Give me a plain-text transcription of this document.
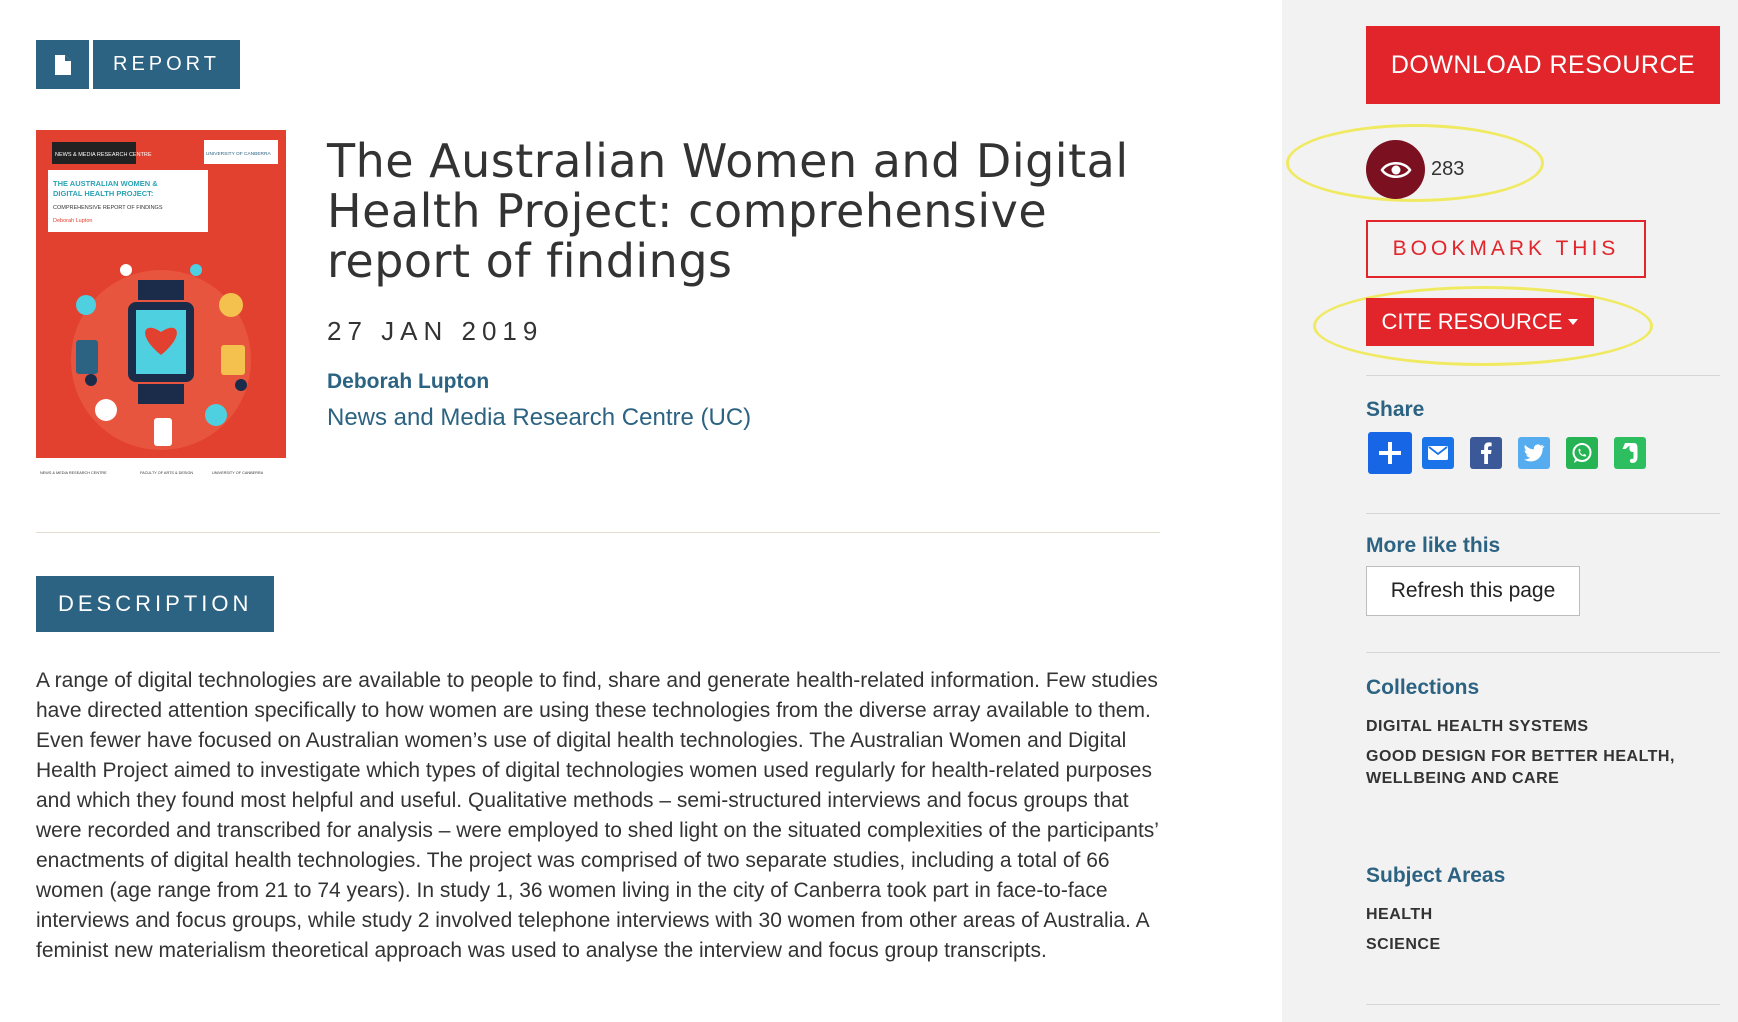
REPORT
NEWS & MEDIA RESEARCH CENTRE	UNIVERSITY OF CANBERRA
THE AUSTRALIAN WOMEN &
DIGITAL HEALTH PROJECT:
COMPREHENSIVE REPORT OF FINDINGS
Deborah Lupton
NEWS & MEDIA RESEARCH CENTRE	FACULTY OF ARTS & DESIGN	UNIVERSITY OF CANBERRA
The Australian Women and Digital Health Project: comprehensive report of findings
27 JAN 2019
Deborah Lupton
News and Media Research Centre (UC)
DESCRIPTION

A range of digital technologies are available to people to find, share and generate health-related information. Few studies have directed attention specifically to how women are using these technologies from the diverse array available to them. Even fewer have focused on Australian women’s use of digital health technologies. The Australian Women and Digital Health Project aimed to investigate which types of digital technologies women used regularly for health-related purposes and which they found most helpful and useful. Qualitative methods – semi-structured interviews and focus groups that were recorded and transcribed for analysis – were employed to shed light on the situated complexities of the participants’ enactments of digital health technologies. The project was comprised of two separate studies, including a total of 66 women (age range from 21 to 74 years). In study 1, 36 women living in the city of Canberra took part in face-to-face interviews and focus groups, while study 2 involved telephone interviews with 30 women from other areas of Australia. A feminist new materialism theoretical approach was used to analyse the interview and focus group transcripts.

DOWNLOAD RESOURCE
283
BOOKMARK THIS
CITE RESOURCE
Share
More like this
Refresh this page
Collections
DIGITAL HEALTH SYSTEMS
GOOD DESIGN FOR BETTER HEALTH, WELLBEING AND CARE
Subject Areas
HEALTH
SCIENCE
